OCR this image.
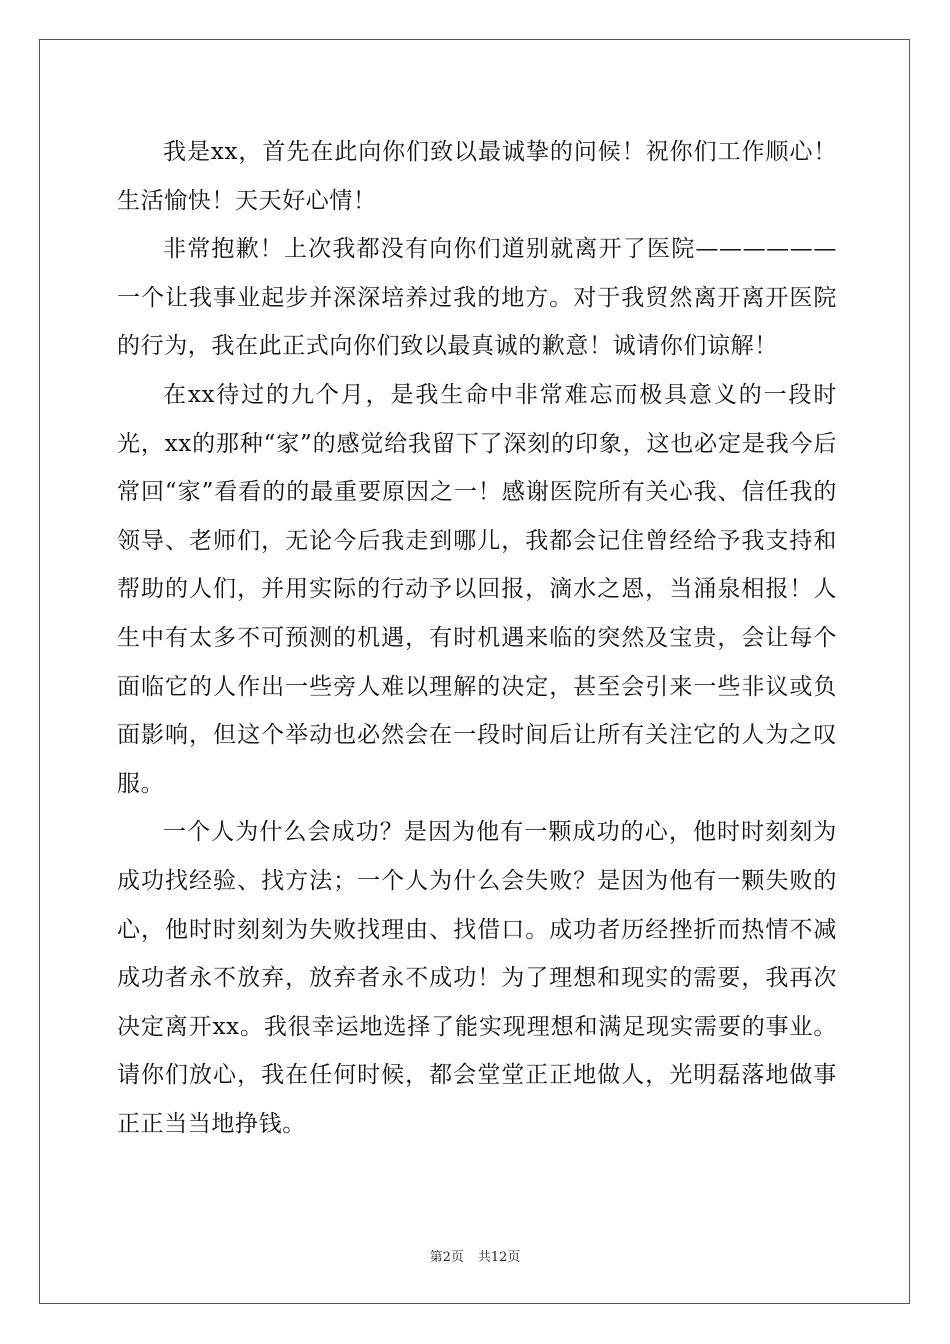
我是xx，首先在此向你们致以最诚挚的问候！祝你们工作顺心！生活愉快！天天好心情！

非常抱歉！上次我都没有向你们道别就离开了医院——————一个让我事业起步并深深培养过我的地方。对于我贸然离开离开医院的行为，我在此正式向你们致以最真诚的歉意！诚请你们谅解！

在xx待过的九个月，是我生命中非常难忘而极具意义的一段时光，xx的那种“家”的感觉给我留下了深刻的印象，这也必定是我今后常回“家”看看的的最重要原因之一！感谢医院所有关心我、信任我的领导、老师们，无论今后我走到哪儿，我都会记住曾经给予我支持和帮助的人们，并用实际的行动予以回报，滴水之恩，当涌泉相报！人生中有太多不可预测的机遇，有时机遇来临的突然及宝贵，会让每个面临它的人作出一些旁人难以理解的决定，甚至会引来一些非议或负面影响，但这个举动也必然会在一段时间后让所有关注它的人为之叹服。

一个人为什么会成功？是因为他有一颗成功的心，他时时刻刻为成功找经验、找方法；一个人为什么会失败？是因为他有一颗失败的心，他时时刻刻为失败找理由、找借口。成功者历经挫折而热情不减成功者永不放弃，放弃者永不成功！为了理想和现实的需要，我再次决定离开xx。我很幸运地选择了能实现理想和满足现实需要的事业。请你们放心，我在任何时候，都会堂堂正正地做人，光明磊落地做事正正当当地挣钱。

第2页 共12页
